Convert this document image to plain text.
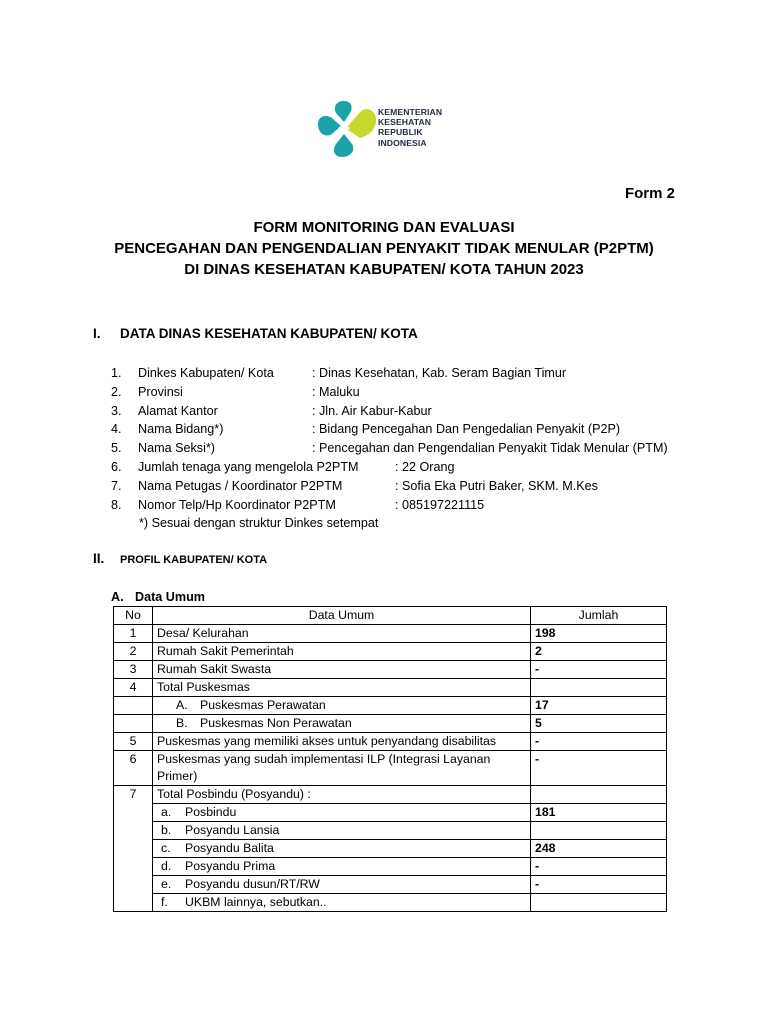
KEMENTERIAN
KESEHATAN
REPUBLIK
INDONESIA
Form 2
FORM MONITORING DAN EVALUASI
PENCEGAHAN DAN PENGENDALIAN PENYAKIT TIDAK MENULAR (P2PTM)
DI DINAS KESEHATAN KABUPATEN/ KOTA TAHUN 2023
I. DATA DINAS KESEHATAN KABUPATEN/ KOTA
1. Dinkes Kabupaten/ Kota	: Dinas Kesehatan, Kab. Seram Bagian Timur
2. Provinsi	: Maluku
3. Alamat Kantor	: Jln. Air Kabur-Kabur
4. Nama Bidang*)	: Bidang Pencegahan Dan Pengedalian Penyakit (P2P)
5. Nama Seksi*)	: Pencegahan dan Pengendalian Penyakit Tidak Menular (PTM)
6. Jumlah tenaga yang mengelola P2PTM	: 22 Orang
7. Nama Petugas / Koordinator P2PTM	: Sofia Eka Putri Baker, SKM. M.Kes
8. Nomor Telp/Hp Koordinator P2PTM	: 085197221115
*) Sesuai dengan struktur Dinkes setempat
II. PROFIL KABUPATEN/ KOTA
A. Data Umum
No	Data Umum	Jumlah
1	Desa/ Kelurahan	198
2	Rumah Sakit Pemerintah	2
3	Rumah Sakit Swasta	-
4	Total Puskesmas	
	A. Puskesmas Perawatan	17
	B. Puskesmas Non Perawatan	5
5	Puskesmas yang memiliki akses untuk penyandang disabilitas	-
6	Puskesmas yang sudah implementasi ILP (Integrasi Layanan Primer)	-
7	Total Posbindu (Posyandu) :	
	a. Posbindu	181
	b. Posyandu Lansia	
	c. Posyandu Balita	248
	d. Posyandu Prima	-
	e. Posyandu dusun/RT/RW	-
	f. UKBM lainnya, sebutkan..	
